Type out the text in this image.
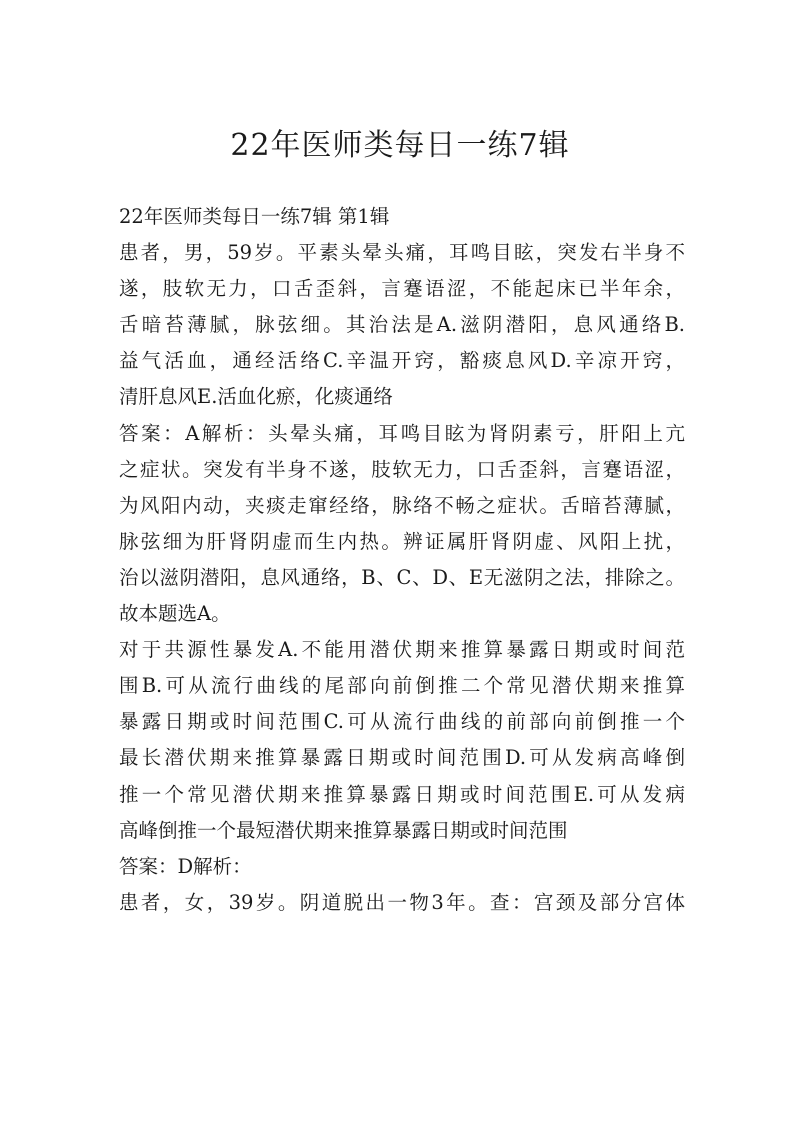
22年医师类每日一练7辑

22年医师类每日一练7辑 第1辑

患者，男，59岁。平素头晕头痛，耳鸣目眩，突发右半身不

遂，肢软无力，口舌歪斜，言蹇语涩，不能起床已半年余，

舌暗苔薄腻，脉弦细。其治法是A.滋阴潜阳，息风通络B.

益气活血，通经活络C.辛温开窍，豁痰息风D.辛凉开窍，

清肝息风E.活血化瘀，化痰通络

答案：A解析：头晕头痛，耳鸣目眩为肾阴素亏，肝阳上亢

之症状。突发有半身不遂，肢软无力，口舌歪斜，言蹇语涩，

为风阳内动，夹痰走窜经络，脉络不畅之症状。舌暗苔薄腻，

脉弦细为肝肾阴虚而生内热。辨证属肝肾阴虚、风阳上扰，

治以滋阴潜阳，息风通络，B、C、D、E无滋阴之法，排除之。

故本题选A。

对于共源性暴发A.不能用潜伏期来推算暴露日期或时间范

围B.可从流行曲线的尾部向前倒推二个常见潜伏期来推算

暴露日期或时间范围C.可从流行曲线的前部向前倒推一个

最长潜伏期来推算暴露日期或时间范围D.可从发病高峰倒

推一个常见潜伏期来推算暴露日期或时间范围E.可从发病

高峰倒推一个最短潜伏期来推算暴露日期或时间范围

答案：D解析：

患者，女，39岁。阴道脱出一物3年。查：宫颈及部分宫体
